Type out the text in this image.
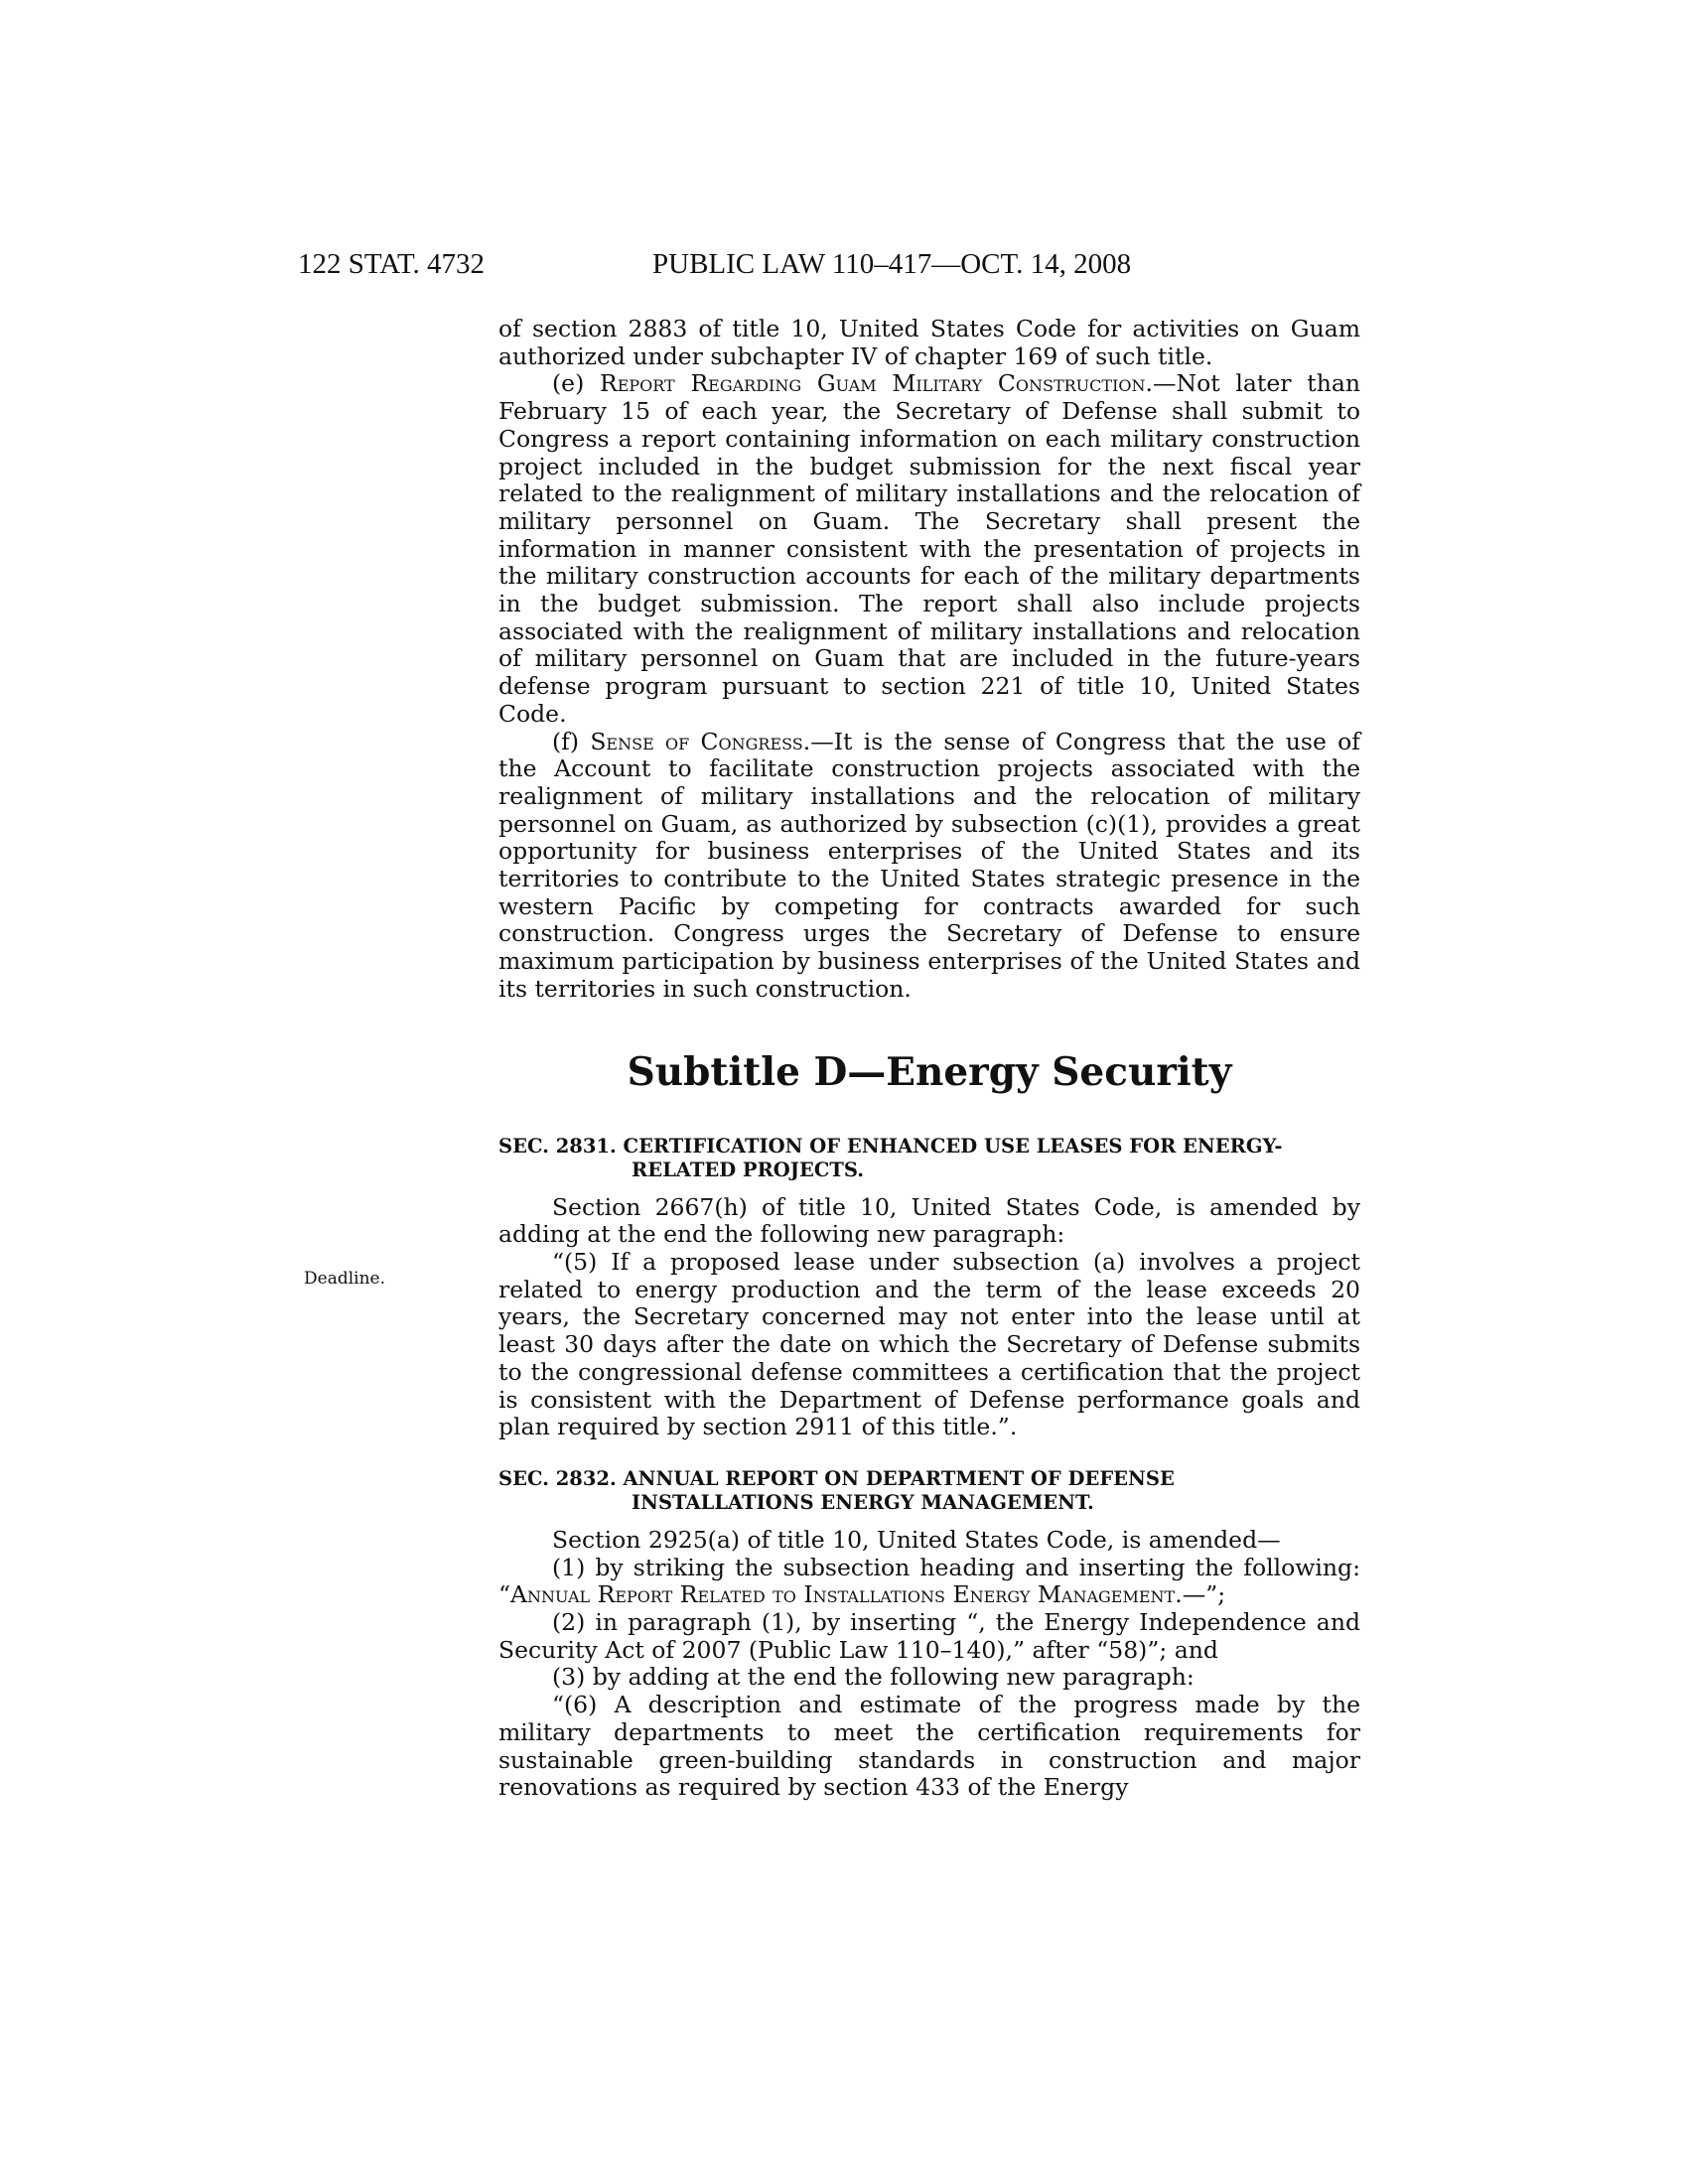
122 STAT. 4732	PUBLIC LAW 110–417—OCT. 14, 2008
Deadline.

of section 2883 of title 10, United States Code for activities on Guam authorized under subchapter IV of chapter 169 of such title.

(e) Report Regarding Guam Military Construction.—Not later than February 15 of each year, the Secretary of Defense shall submit to Congress a report containing information on each military construction project included in the budget submission for the next fiscal year related to the realignment of military installations and the relocation of military personnel on Guam. The Secretary shall present the information in manner consistent with the presentation of projects in the military construction accounts for each of the military departments in the budget submission. The report shall also include projects associated with the realignment of military installations and relocation of military personnel on Guam that are included in the future-years defense program pursuant to section 221 of title 10, United States Code.

(f) Sense of Congress.—It is the sense of Congress that the use of the Account to facilitate construction projects associated with the realignment of military installations and the relocation of military personnel on Guam, as authorized by subsection (c)(1), provides a great opportunity for business enterprises of the United States and its territories to contribute to the United States strategic presence in the western Pacific by competing for contracts awarded for such construction. Congress urges the Secretary of Defense to ensure maximum participation by business enterprises of the United States and its territories in such construction.

Subtitle D—Energy Security
SEC. 2831. CERTIFICATION OF ENHANCED USE LEASES FOR ENERGY-RELATED PROJECTS.

Section 2667(h) of title 10, United States Code, is amended by adding at the end the following new paragraph:

“(5) If a proposed lease under subsection (a) involves a project related to energy production and the term of the lease exceeds 20 years, the Secretary concerned may not enter into the lease until at least 30 days after the date on which the Secretary of Defense submits to the congressional defense committees a certification that the project is consistent with the Department of Defense performance goals and plan required by section 2911 of this title.”.

SEC. 2832. ANNUAL REPORT ON DEPARTMENT OF DEFENSE INSTALLATIONS ENERGY MANAGEMENT.

Section 2925(a) of title 10, United States Code, is amended—

(1) by striking the subsection heading and inserting the following: “Annual Report Related to Installations Energy Management.—”;

(2) in paragraph (1), by inserting “, the Energy Independence and Security Act of 2007 (Public Law 110–140),” after “58)”; and

(3) by adding at the end the following new paragraph:

“(6) A description and estimate of the progress made by the military departments to meet the certification requirements for sustainable green-building standards in construction and major renovations as required by section 433 of the Energy
